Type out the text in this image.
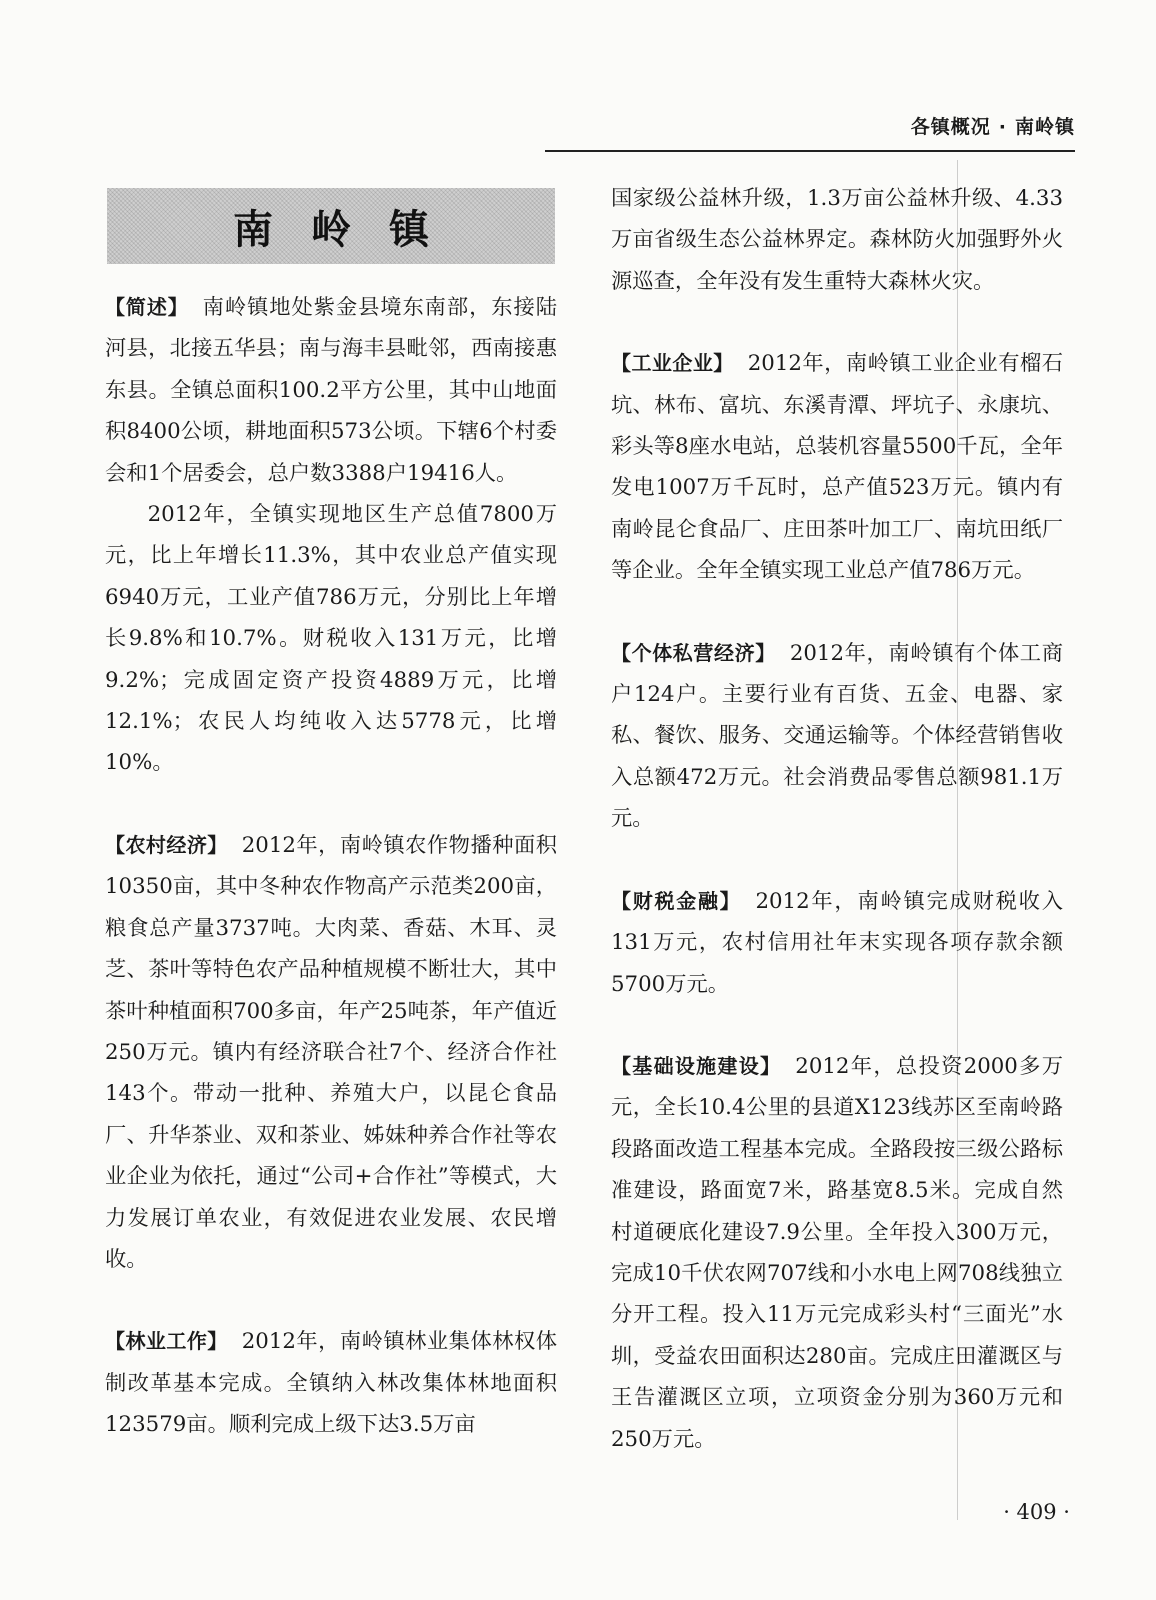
各镇概况 · 南岭镇
南岭镇

【简述】 南岭镇地处紫金县境东南部，东接陆河县，北接五华县；南与海丰县毗邻，西南接惠东县。全镇总面积100.2平方公里，其中山地面积8400公顷，耕地面积573公顷。下辖6个村委会和1个居委会，总户数3388户19416人。

2012年，全镇实现地区生产总值7800万元，比上年增长11.3%，其中农业总产值实现6940万元，工业产值786万元，分别比上年增长9.8%和10.7%。财税收入131万元，比增9.2%；完成固定资产投资4889万元，比增12.1%；农民人均纯收入达5778元，比增10%。

【农村经济】 2012年，南岭镇农作物播种面积10350亩，其中冬种农作物高产示范类200亩，粮食总产量3737吨。大肉菜、香菇、木耳、灵芝、茶叶等特色农产品种植规模不断壮大，其中茶叶种植面积700多亩，年产25吨茶，年产值近250万元。镇内有经济联合社7个、经济合作社143个。带动一批种、养殖大户，以昆仑食品厂、升华茶业、双和茶业、姊妹种养合作社等农业企业为依托，通过“公司+合作社”等模式，大力发展订单农业，有效促进农业发展、农民增收。

【林业工作】 2012年，南岭镇林业集体林权体制改革基本完成。全镇纳入林改集体林地面积123579亩。顺利完成上级下达3.5万亩

国家级公益林升级，1.3万亩公益林升级、4.33万亩省级生态公益林界定。森林防火加强野外火源巡查，全年没有发生重特大森林火灾。

【工业企业】 2012年，南岭镇工业企业有榴石坑、林布、富坑、东溪青潭、坪坑子、永康坑、彩头等8座水电站，总装机容量5500千瓦，全年发电1007万千瓦时，总产值523万元。镇内有南岭昆仑食品厂、庄田茶叶加工厂、南坑田纸厂等企业。全年全镇实现工业总产值786万元。

【个体私营经济】 2012年，南岭镇有个体工商户124户。主要行业有百货、五金、电器、家私、餐饮、服务、交通运输等。个体经营销售收入总额472万元。社会消费品零售总额981.1万元。

【财税金融】 2012年，南岭镇完成财税收入131万元，农村信用社年末实现各项存款余额5700万元。

【基础设施建设】 2012年，总投资2000多万元，全长10.4公里的县道X123线苏区至南岭路段路面改造工程基本完成。全路段按三级公路标准建设，路面宽7米，路基宽8.5米。完成自然村道硬底化建设7.9公里。全年投入300万元，完成10千伏农网707线和小水电上网708线独立分开工程。投入11万元完成彩头村“三面光”水圳，受益农田面积达280亩。完成庄田灌溉区与王告灌溉区立项，立项资金分别为360万元和250万元。

· 409 ·
